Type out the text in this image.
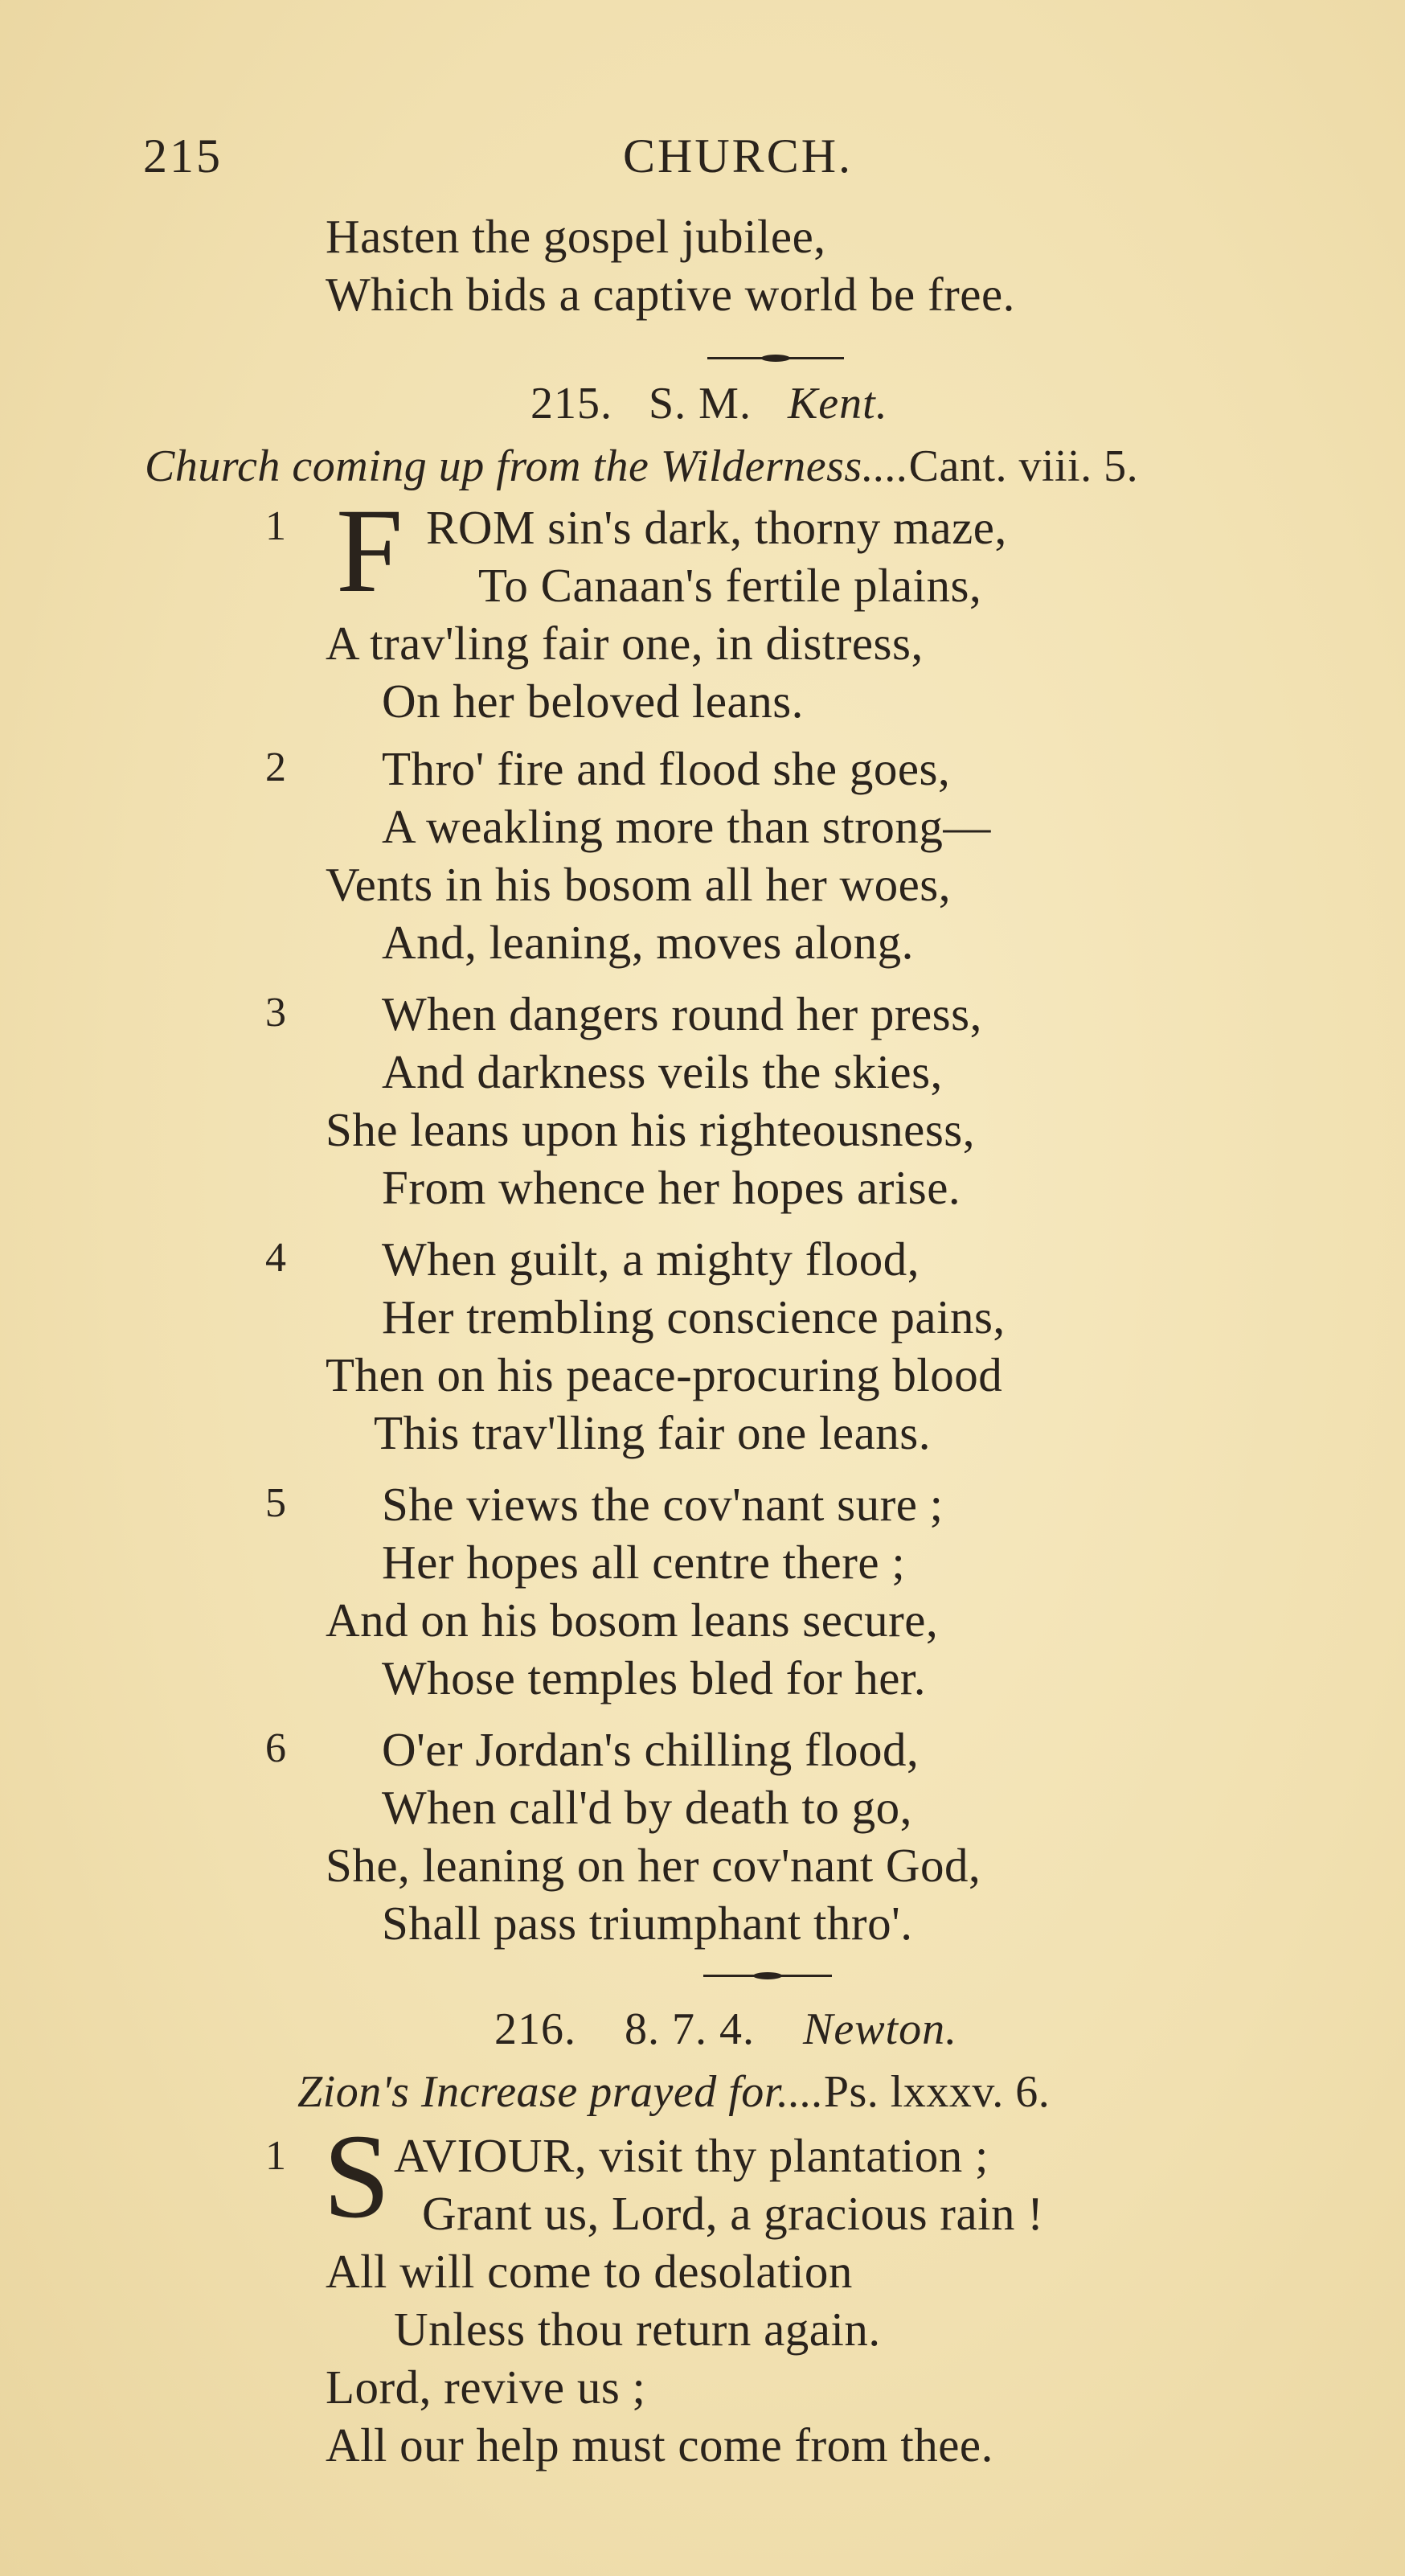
215	CHURCH.
Hasten the gospel jubilee,
Which bids a captive world be free.
215. S. M. Kent.
Church coming up from the Wilderness....Cant. viii. 5.
1 F ROM sin's dark, thorny maze,
To Canaan's fertile plains,
A trav'ling fair one, in distress,
On her beloved leans.
2 Thro' fire and flood she goes,
A weakling more than strong—
Vents in his bosom all her woes,
And, leaning, moves along.
3 When dangers round her press,
And darkness veils the skies,
She leans upon his righteousness,
From whence her hopes arise.
4 When guilt, a mighty flood,
Her trembling conscience pains,
Then on his peace-procuring blood
This trav'lling fair one leans.
5 She views the cov'nant sure ;
Her hopes all centre there ;
And on his bosom leans secure,
Whose temples bled for her.
6 O'er Jordan's chilling flood,
When call'd by death to go,
She, leaning on her cov'nant God,
Shall pass triumphant thro'.
216. 8. 7. 4. Newton.
Zion's Increase prayed for....Ps. lxxxv. 6.
1 S AVIOUR, visit thy plantation ;
Grant us, Lord, a gracious rain !
All will come to desolation
Unless thou return again.
Lord, revive us ;
All our help must come from thee.
